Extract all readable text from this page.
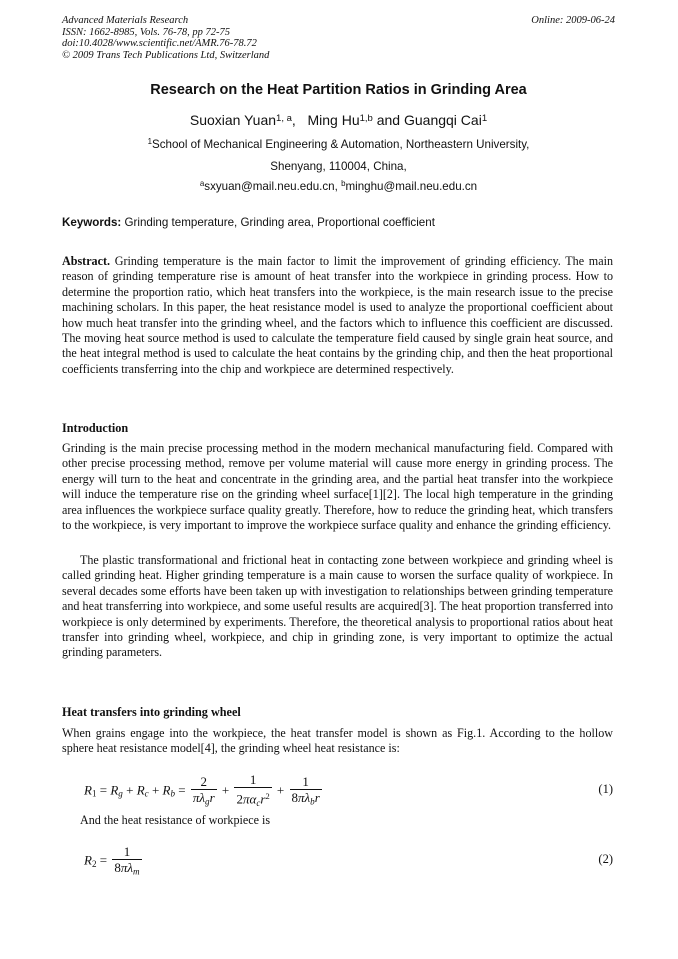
Advanced Materials Research
ISSN: 1662-8985, Vols. 76-78, pp 72-75
doi:10.4028/www.scientific.net/AMR.76-78.72
© 2009 Trans Tech Publications Ltd, Switzerland
Online: 2009-06-24
Research on the Heat Partition Ratios in Grinding Area
Suoxian Yuan$^{1, a}$,   Ming Hu$^{1,b}$ and Guangqi Cai$^1$
$^1$School of Mechanical Engineering & Automation, Northeastern University,
Shenyang, 110004, China,
$^a$sxyuan@mail.neu.edu.cn, $^b$minghu@mail.neu.edu.cn
Keywords: Grinding temperature, Grinding area, Proportional coefficient
Abstract. Grinding temperature is the main factor to limit the improvement of grinding efficiency. The main reason of grinding temperature rise is amount of heat transfer into the workpiece in grinding process. How to determine the proportion ratio, which heat transfers into the workpiece, is the main research issue to the precise machining scholars. In this paper, the heat resistance model is used to analyze the proportional coefficient about how much heat transfer into the grinding wheel, and the factors which to influence this coefficient are discussed. The moving heat source method is used to calculate the temperature field caused by single grain heat source, and the heat integral method is used to calculate the heat contains by the grinding chip, and then the heat proportional coefficients transferring into the chip and workpiece are determined respectively.
Introduction
Grinding is the main precise processing method in the modern mechanical manufacturing field. Compared with other precise processing method, remove per volume material will cause more energy in grinding process. The energy will turn to the heat and concentrate in the grinding area, and the partial heat transfer into the workpiece will induce the temperature rise on the grinding wheel surface[1][2]. The local high temperature in the grinding area influences the workpiece surface quality greatly. Therefore, how to reduce the grinding heat, which transfers to the workpiece, is very important to improve the workpiece surface quality and enhance the grinding efficiency.
The plastic transformational and frictional heat in contacting zone between workpiece and grinding wheel is called grinding heat. Higher grinding temperature is a main cause to worsen the surface quality of workpiece. In several decades some efforts have been taken up with investigation to relationships between grinding temperature and heat transferring into workpiece, and some useful results are acquired[3]. The heat proportion transferred into workpiece is only determined by experiments. Therefore, the theoretical analysis to proportional ratios about heat transfer into grinding wheel, workpiece, and chip in grinding zone, is very important to optimize the actual grinding parameters.
Heat transfers into grinding wheel
When grains engage into the workpiece, the heat transfer model is shown as Fig.1. According to the hollow sphere heat resistance model[4], the grinding wheel heat resistance is:
$R_1 = R_g + R_c + R_b = \frac{2}{\pi\lambda_gr} + \frac{1}{2\pi\alpha_cr^2} + \frac{1}{8\pi\lambda_br}$	(1)
And the heat resistance of workpiece is
$R_2 = \frac{1}{8\pi\lambda_m}$	(2)
